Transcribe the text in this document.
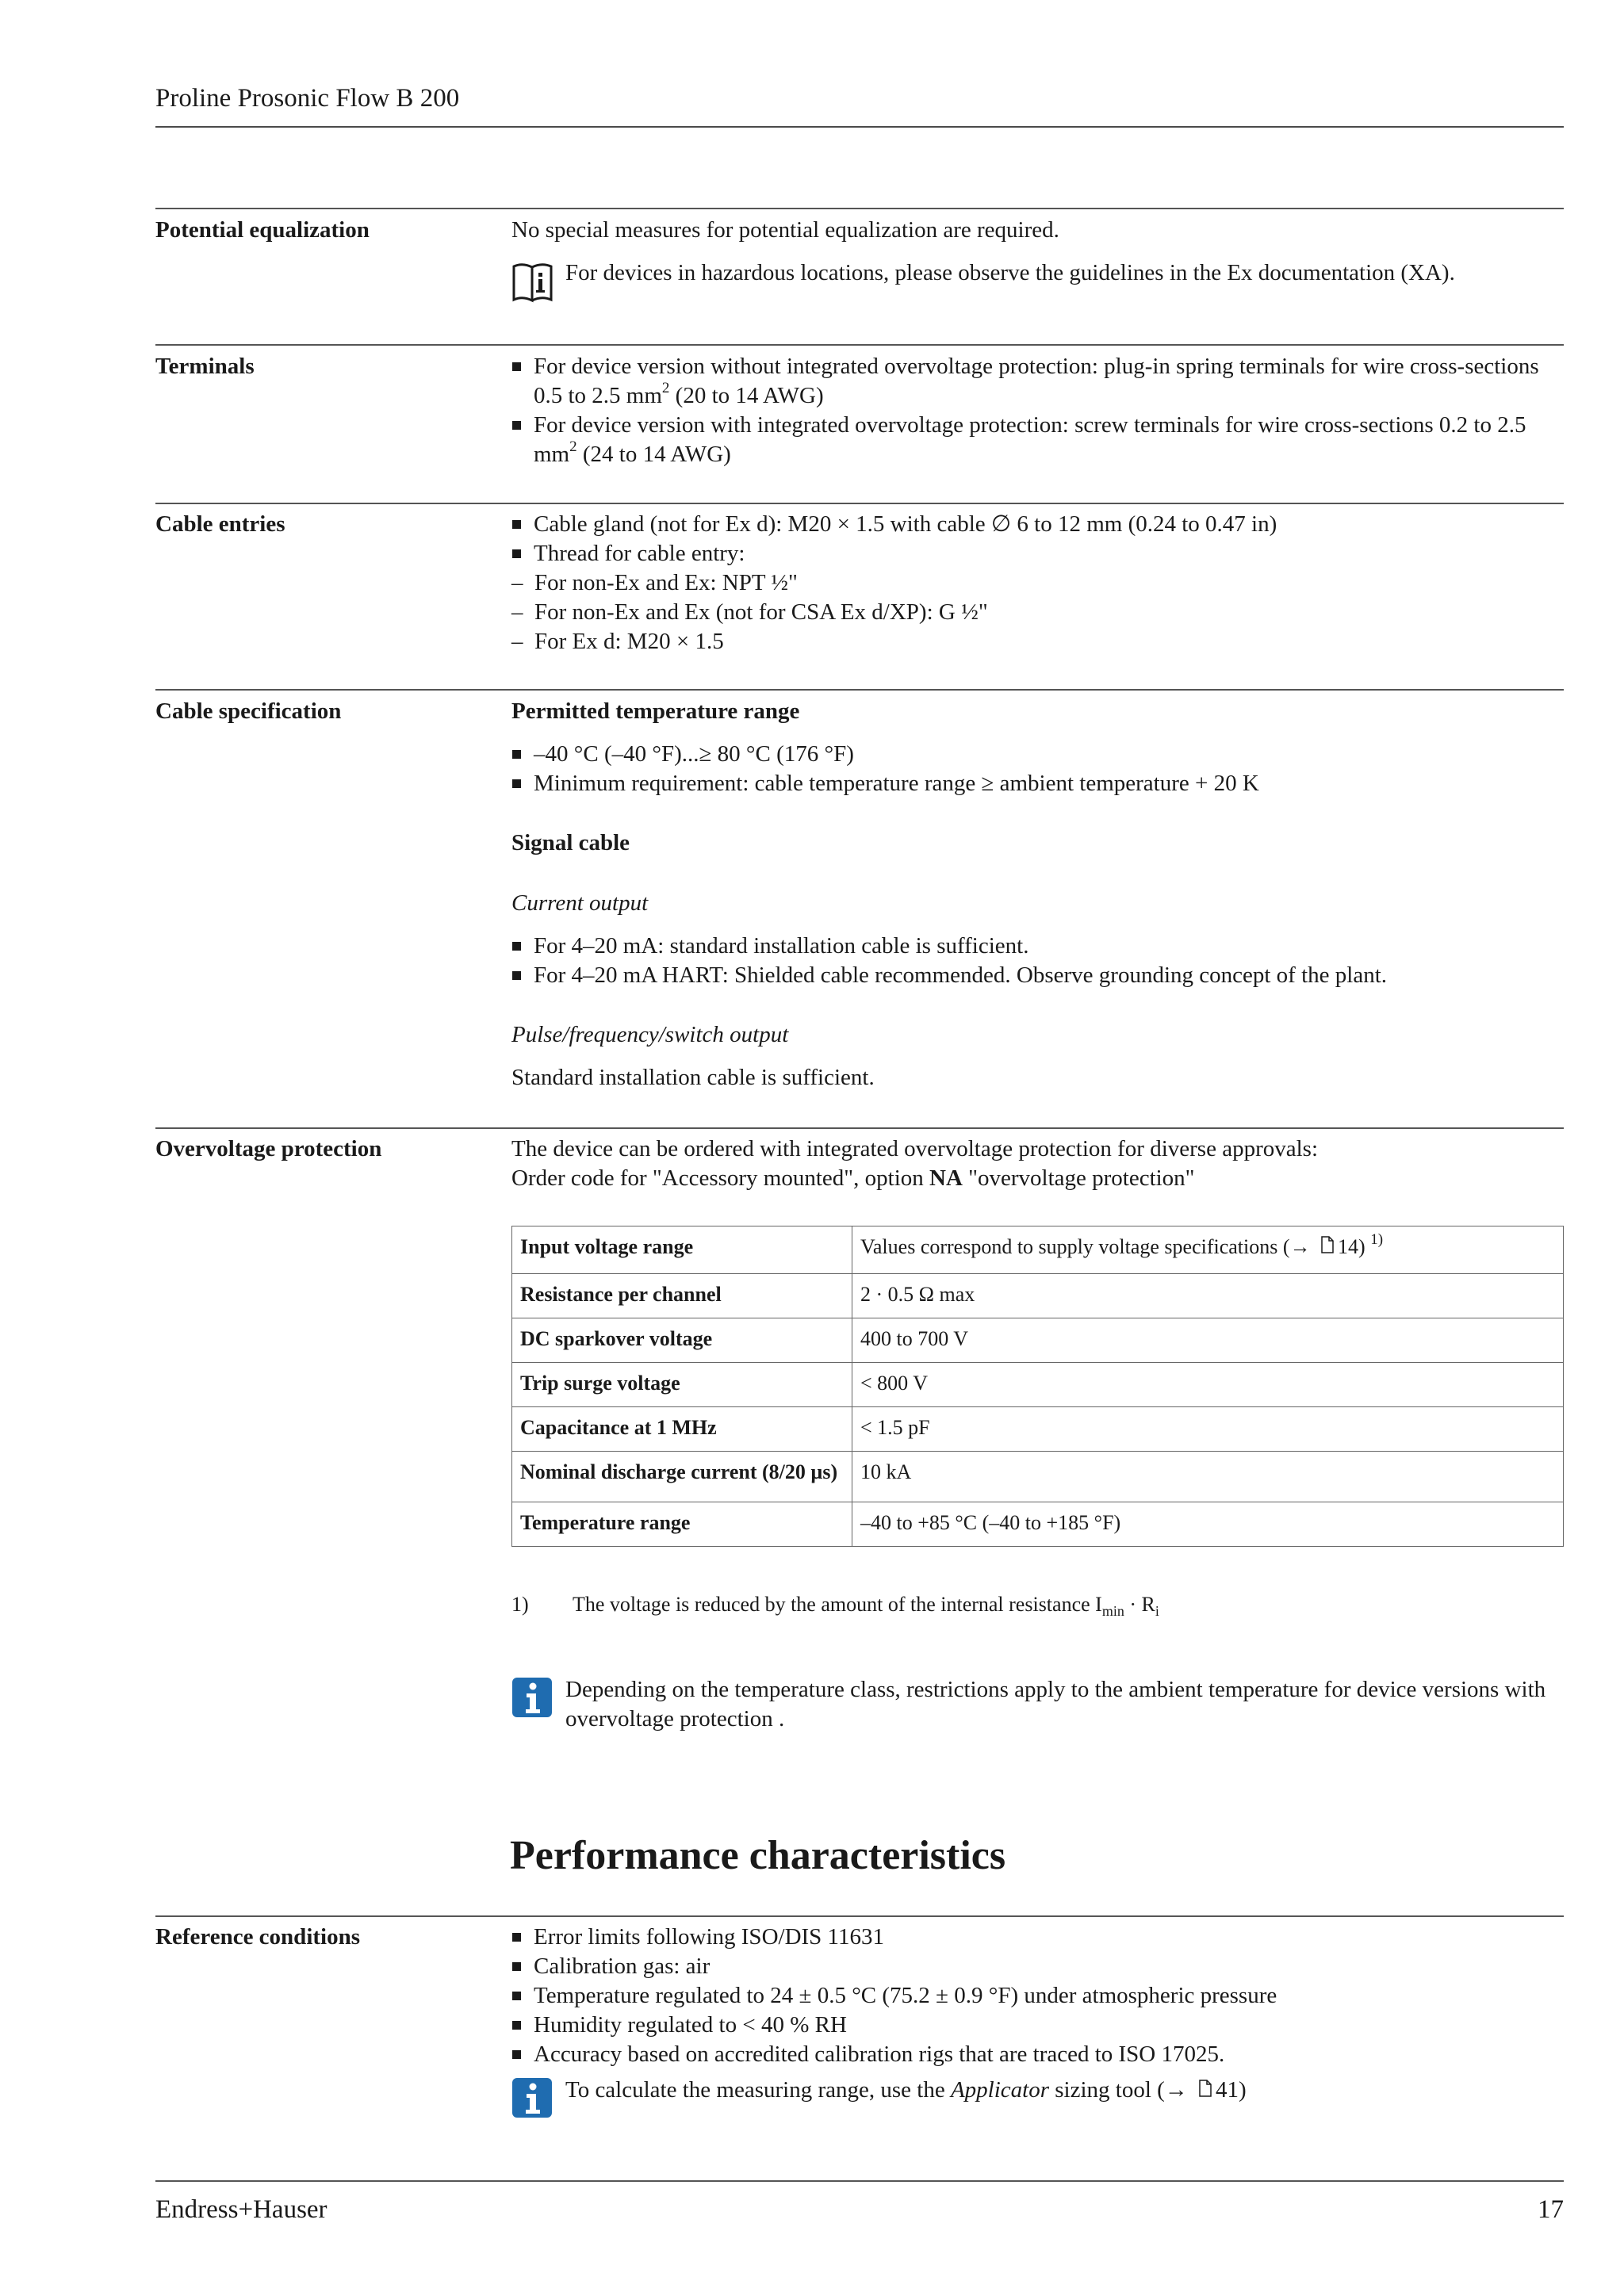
Proline Prosonic Flow B 200
Potential equalization	No special measures for potential equalization are required.

For devices in hazardous locations, please observe the guidelines in the Ex documentation (XA).
Terminals	For device version without integrated overvoltage protection: plug-in spring terminals for wire cross-sections 0.5 to 2.5 $mm^2$ (20 to 14 AWG)
For device version with integrated overvoltage protection: screw terminals for wire cross-sections 0.2 to 2.5 $mm^2$ (24 to 14 AWG)
Cable entries	Cable gland (not for Ex d): M20 × 1.5 with cable ∅ 6 to 12 mm (0.24 to 0.47 in)
Thread for cable entry:
– For non-Ex and Ex: NPT ½"
– For non-Ex and Ex (not for CSA Ex d/XP): G ½"
– For Ex d: M20 × 1.5
Cable specification	Permitted temperature range

–40 °C (–40 °F)...≥ 80 °C (176 °F)
Minimum requirement: cable temperature range ≥ ambient temperature + 20 K

Signal cable

Current output

For 4–20 mA: standard installation cable is sufficient.
For 4–20 mA HART: Shielded cable recommended. Observe grounding concept of the plant.

Pulse/frequency/switch output

Standard installation cable is sufficient.

Overvoltage protection	The device can be ordered with integrated overvoltage protection for diverse approvals:

Order code for "Accessory mounted", option NA "overvoltage protection"

Input voltage range	Values correspond to supply voltage specifications (→ 14) $^{1)}$
Resistance per channel	2 · 0.5 Ω max
DC sparkover voltage	400 to 700 V
Trip surge voltage	< 800 V
Capacitance at 1 MHz	< 1.5 pF
Nominal discharge current (8/20 µs)	10 kA
Temperature range	–40 to +85 °C (–40 to +185 °F)
1) The voltage is reduced by the amount of the internal resistance $I_{min} \cdot R_i$
Depending on the temperature class, restrictions apply to the ambient temperature for device versions with overvoltage protection .
Performance characteristics
Reference conditions	Error limits following ISO/DIS 11631
Calibration gas: air
Temperature regulated to 24 ± 0.5 °C (75.2 ± 0.9 °F) under atmospheric pressure
Humidity regulated to < 40 % RH
Accuracy based on accredited calibration rigs that are traced to ISO 17025.
To calculate the measuring range, use the Applicator sizing tool (→ 41)
Endress+Hauser	17
